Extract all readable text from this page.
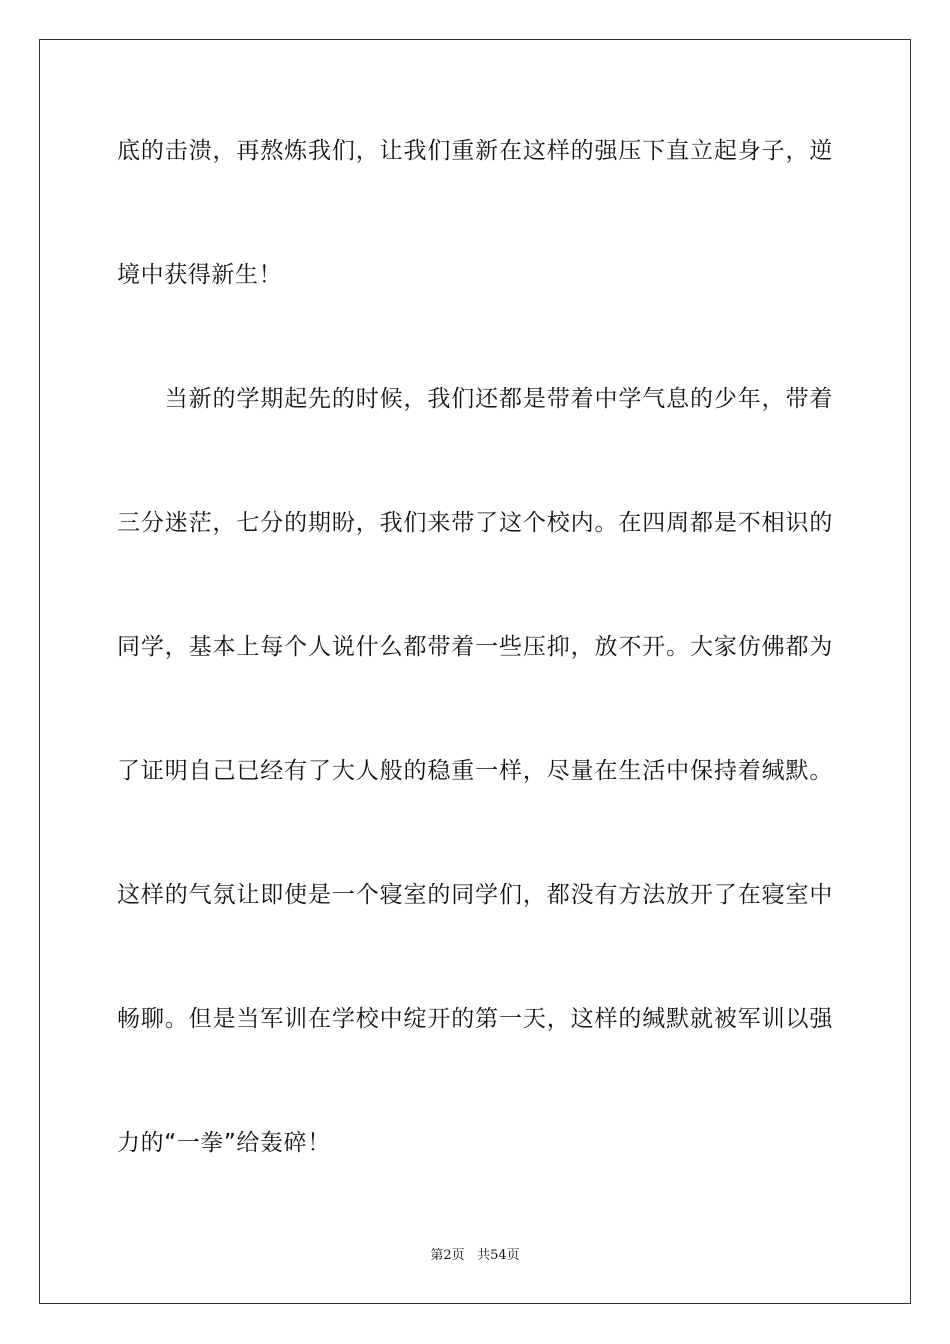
底的击溃，再熬炼我们，让我们重新在这样的强压下直立起身子，逆
境中获得新生！
　　当新的学期起先的时候，我们还都是带着中学气息的少年，带着
三分迷茫，七分的期盼，我们来带了这个校内。在四周都是不相识的
同学，基本上每个人说什么都带着一些压抑，放不开。大家仿佛都为
了证明自己已经有了大人般的稳重一样，尽量在生活中保持着缄默。
这样的气氛让即使是一个寝室的同学们，都没有方法放开了在寝室中
畅聊。但是当军训在学校中绽开的第一天，这样的缄默就被军训以强
力的“一拳”给轰碎！
第2页 共54页
